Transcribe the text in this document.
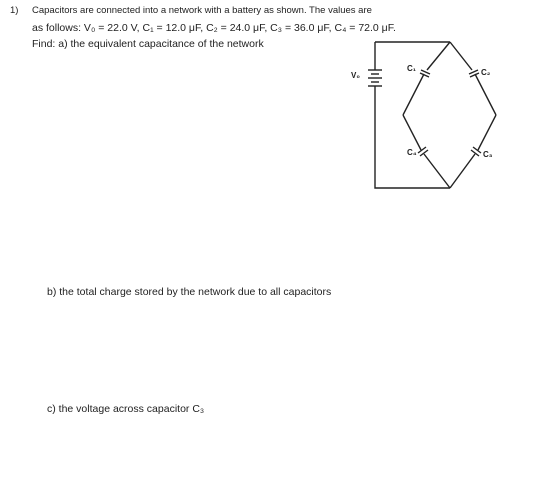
1) Capacitors are connected into a network with a battery as shown. The values are
as follows: V₀ = 22.0 V, C₁ = 12.0 μF, C₂ = 24.0 μF, C₃ = 36.0 μF, C₄ = 72.0 μF.
Find: a) the equivalent capacitance of the network
V₀
C₁	C₂
C₄	C₃
b) the total charge stored by the network due to all capacitors
c) the voltage across capacitor C₃
